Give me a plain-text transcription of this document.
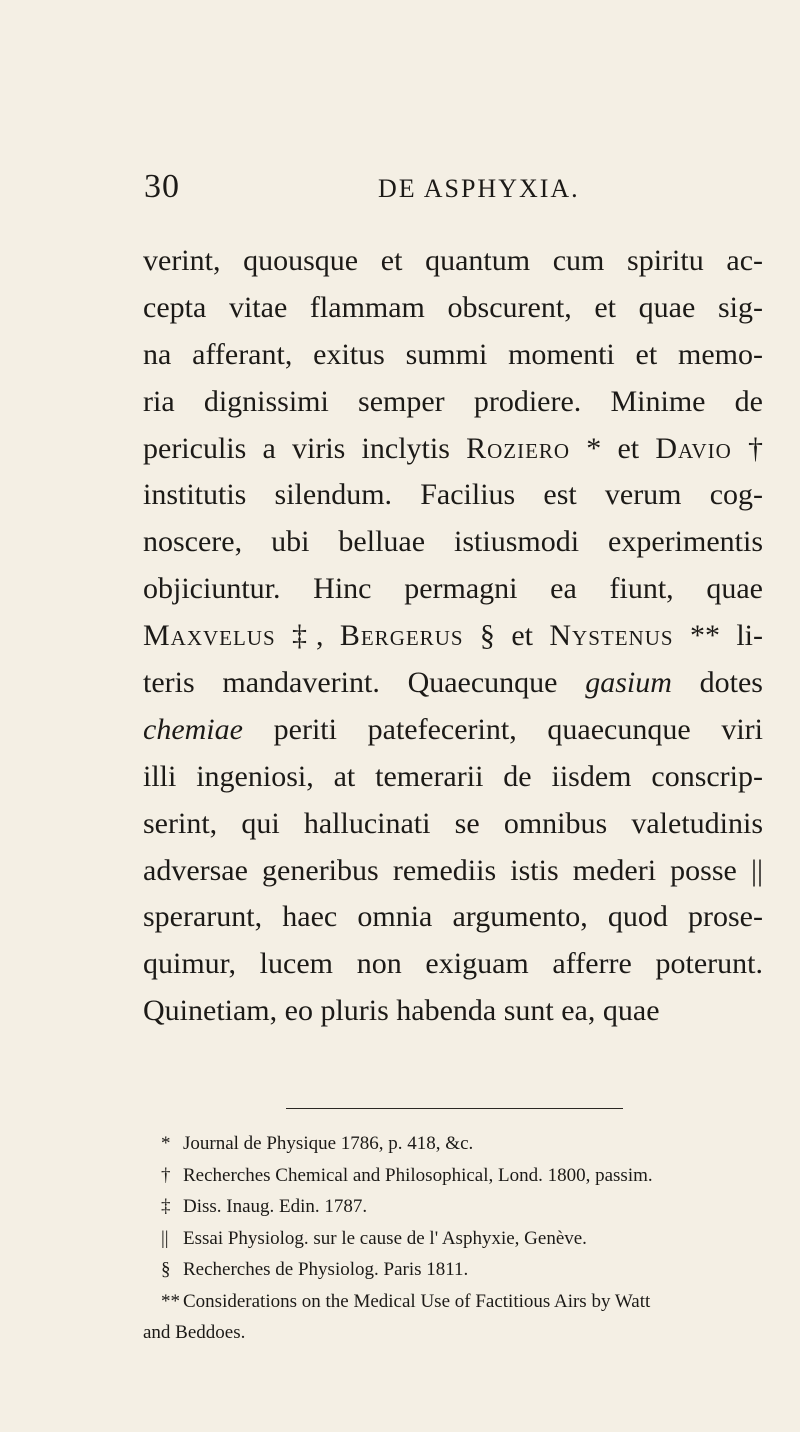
30	DE ASPHYXIA.
verint, quousque et quantum cum spiritu ac-
cepta vitae flammam obscurent, et quae sig-
na afferant, exitus summi momenti et memo-
ria dignissimi semper prodiere. Minime de
periculis a viris inclytis Roziero * et Davio †
institutis silendum. Facilius est verum cog-
noscere, ubi belluae istiusmodi experimentis
objiciuntur. Hinc permagni ea fiunt, quae
Maxvelus ‡, Bergerus § et Nystenus ** li-
teris mandaverint. Quaecunque gasium dotes
chemiae periti patefecerint, quaecunque viri
illi ingeniosi, at temerarii de iisdem conscrip-
serint, qui hallucinati se omnibus valetudinis
adversae generibus remediis istis mederi posse ||
sperarunt, haec omnia argumento, quod prose-
quimur, lucem non exiguam afferre poterunt.
Quinetiam, eo pluris habenda sunt ea, quae
* Journal de Physique 1786, p. 418, &c.
† Recherches Chemical and Philosophical, Lond. 1800, passim.
‡ Diss. Inaug. Edin. 1787.
|| Essai Physiolog. sur le cause de l' Asphyxie, Genève.
§ Recherches de Physiolog. Paris 1811.
** Considerations on the Medical Use of Factitious Airs by Watt
and Beddoes.
